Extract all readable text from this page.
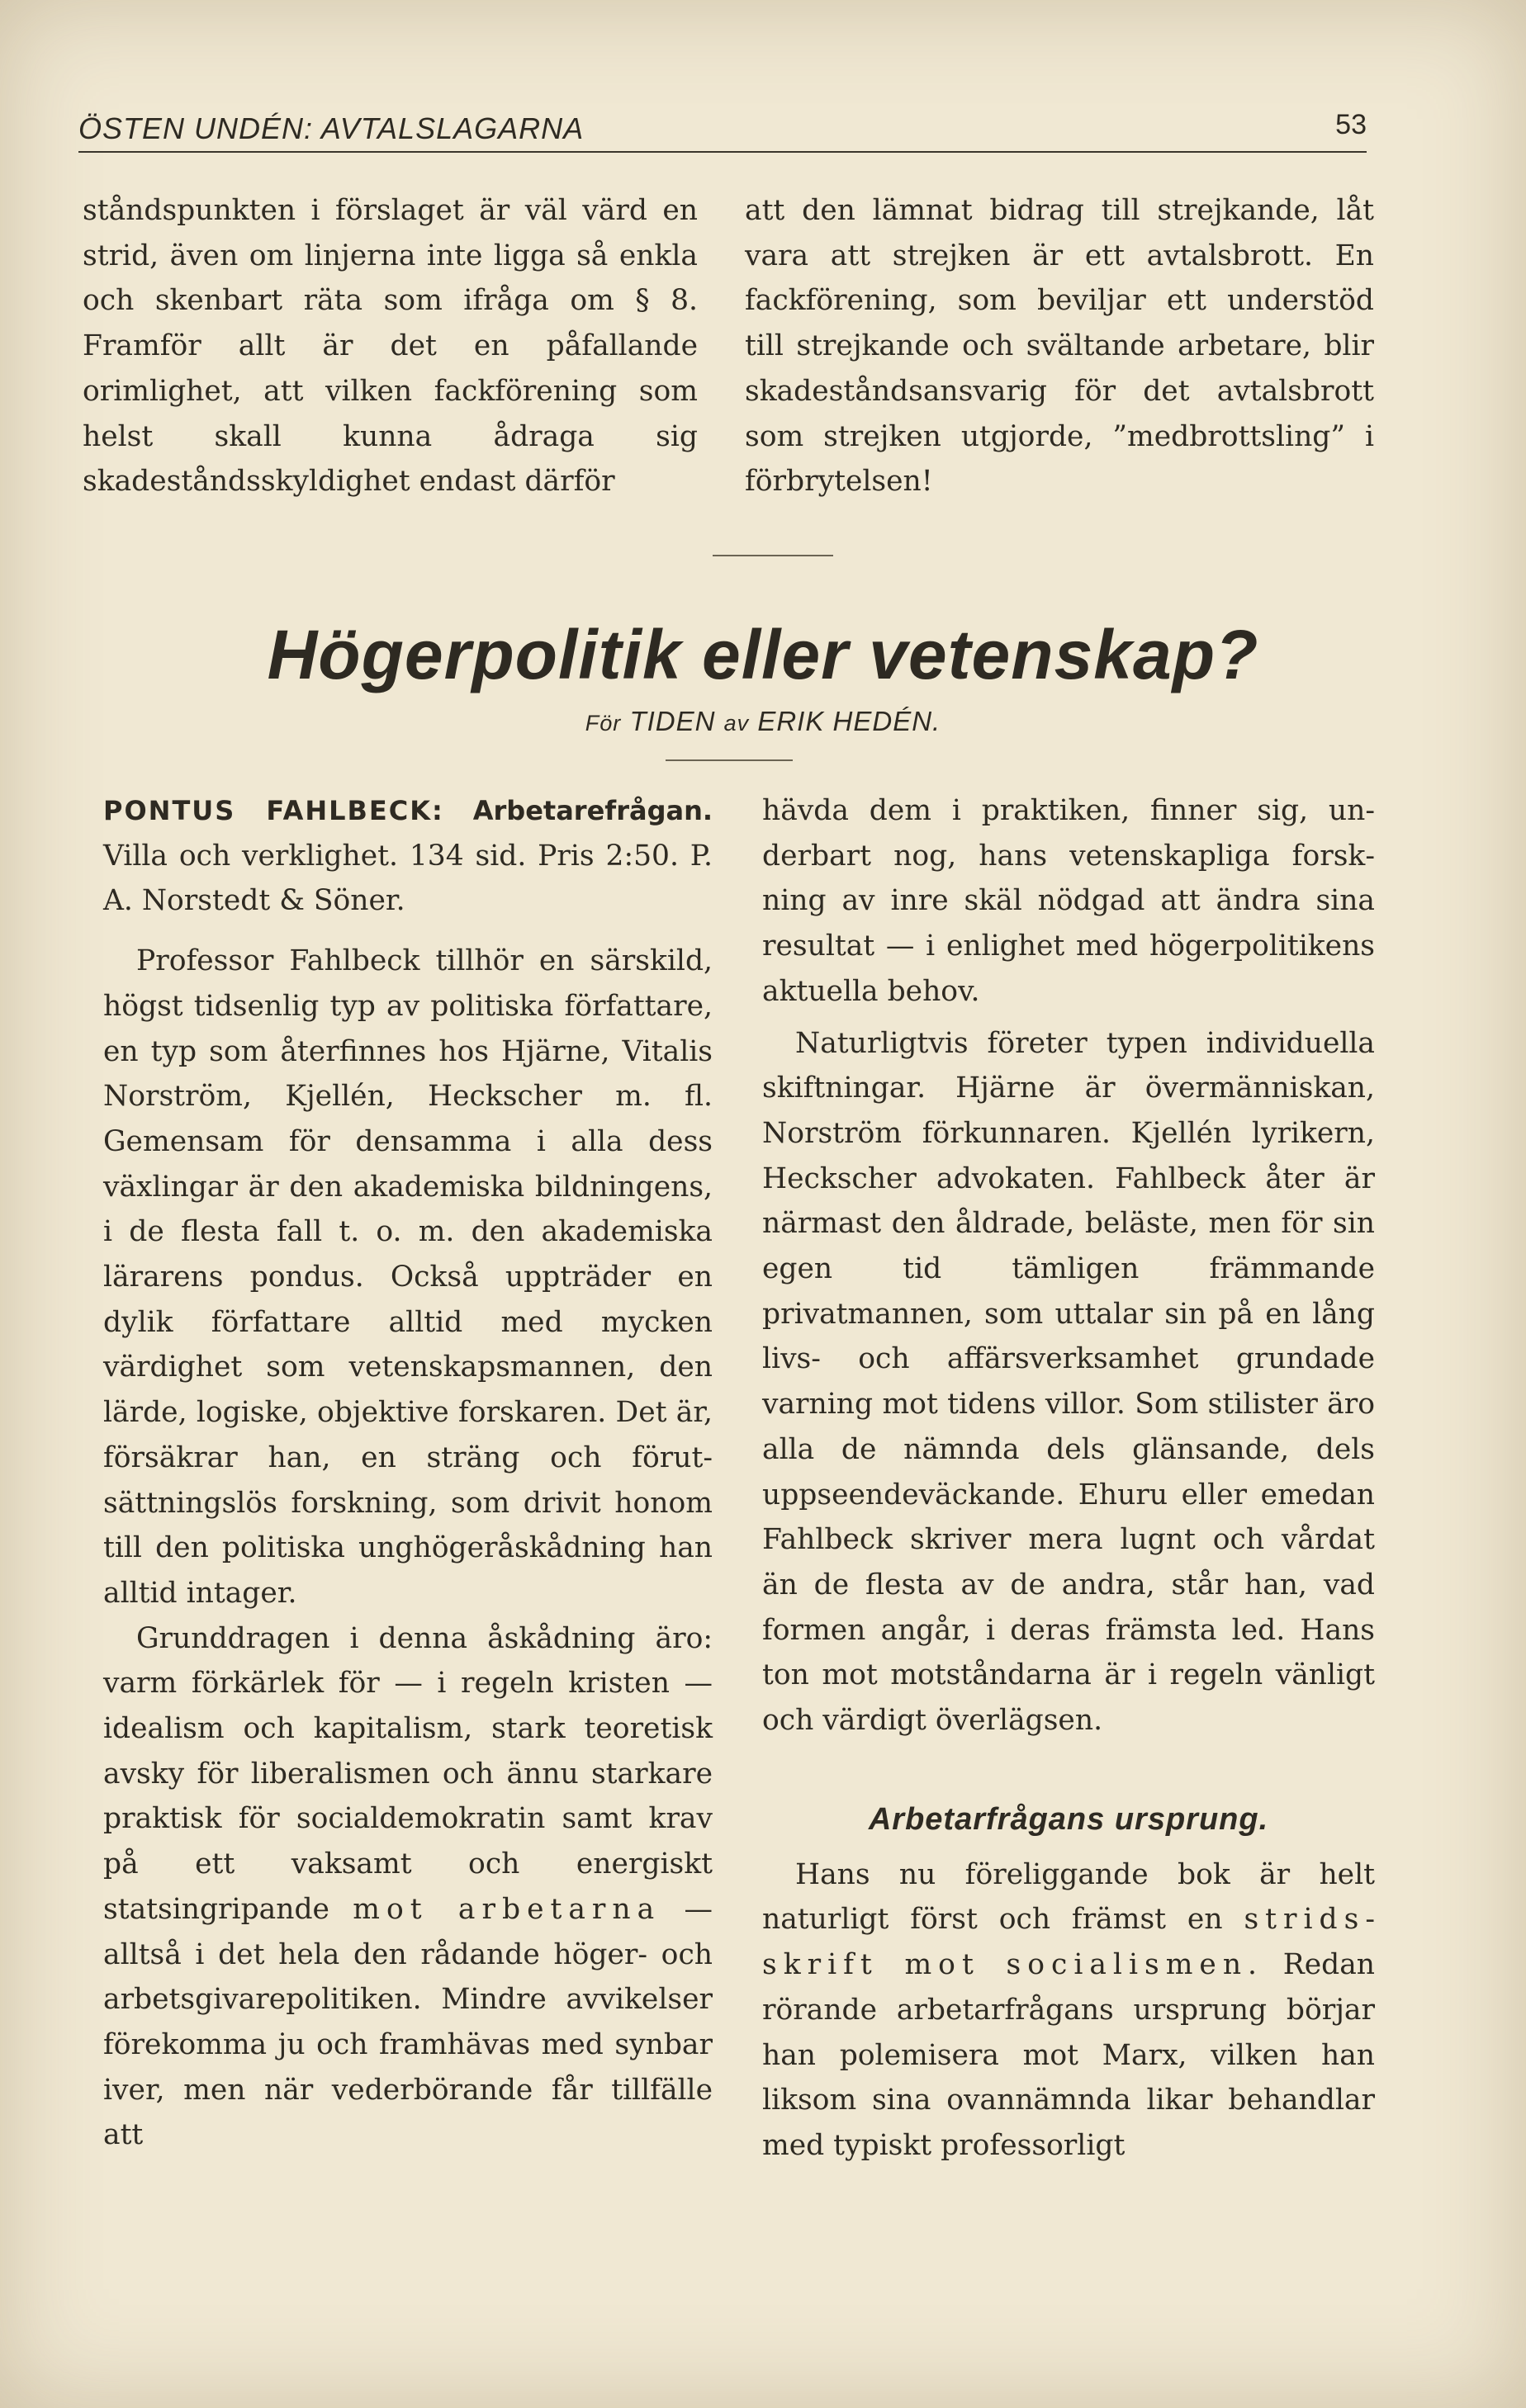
ÖSTEN UNDÉN: AVTALSLAGARNA	53

ståndspunkten i förslaget är väl värd en strid, även om linjerna inte ligga så enkla och skenbart räta som ifråga om § 8. Framför allt är det en påfallande orimlighet, att vilken fackförening som helst skall kunna ådraga sig skadeståndsskyldighet endast därför

att den lämnat bidrag till strejkande, låt vara att strejken är ett avtalsbrott. En fackförening, som beviljar ett understöd till strejkande och svältande arbetare, blir skadeståndsansvarig för det avtalsbrott som strejken utgjorde, ”medbrottsling” i förbrytelsen!

Högerpolitik eller vetenskap?
För TIDEN av ERIK HEDÉN.

PONTUS FAHLBECK: Arbetarefrågan. Villa och verklighet. 134 sid. Pris 2:50. P. A. Norstedt & Söner.

Professor Fahlbeck tillhör en särskild, högst tidsenlig typ av politiska författare, en typ som återfinnes hos Hjärne, Vitalis Norström, Kjellén, Heckscher m. fl. Gemensam för densamma i alla dess växlingar är den akademiska bildningens, i de flesta fall t. o. m. den akademiska lärarens pondus. Också uppträder en dylik författare alltid med mycken värdighet som vetenskapsmannen, den lärde, logiske, objektive forskaren. Det är, försäkrar han, en sträng och förutsättningslös forskning, som drivit honom till den politiska unghögeråskådning han alltid intager.

Grunddragen i denna åskådning äro: varm förkärlek för — i regeln kristen — idealism och kapitalism, stark teoretisk avsky för liberalismen och ännu starkare praktisk för socialdemokratin samt krav på ett vaksamt och energiskt statsingripande mot arbetarna — alltså i det hela den rådande höger- och arbetsgivarepolitiken. Mindre avvikelser förekomma ju och framhävas med synbar iver, men när vederbörande får tillfälle att

hävda dem i praktiken, finner sig, underbart nog, hans vetenskapliga forskning av inre skäl nödgad att ändra sina resultat — i enlighet med högerpolitikens aktuella behov.

Naturligtvis företer typen individuella skiftningar. Hjärne är övermänniskan, Norström förkunnaren. Kjellén lyrikern, Heckscher advokaten. Fahlbeck åter är närmast den åldrade, beläste, men för sin egen tid tämligen främmande privatmannen, som uttalar sin på en lång livs- och affärsverksamhet grundade varning mot tidens villor. Som stilister äro alla de nämnda dels glänsande, dels uppseendeväckande. Ehuru eller emedan Fahlbeck skriver mera lugnt och vårdat än de flesta av de andra, står han, vad formen angår, i deras främsta led. Hans ton mot motståndarna är i regeln vänligt och värdigt överlägsen.

Arbetarfrågans ursprung.

Hans nu föreliggande bok är helt naturligt först och främst en stridsskrift mot socialismen. Redan rörande arbetarfrågans ursprung börjar han polemisera mot Marx, vilken han liksom sina ovannämnda likar behandlar med typiskt professorligt
